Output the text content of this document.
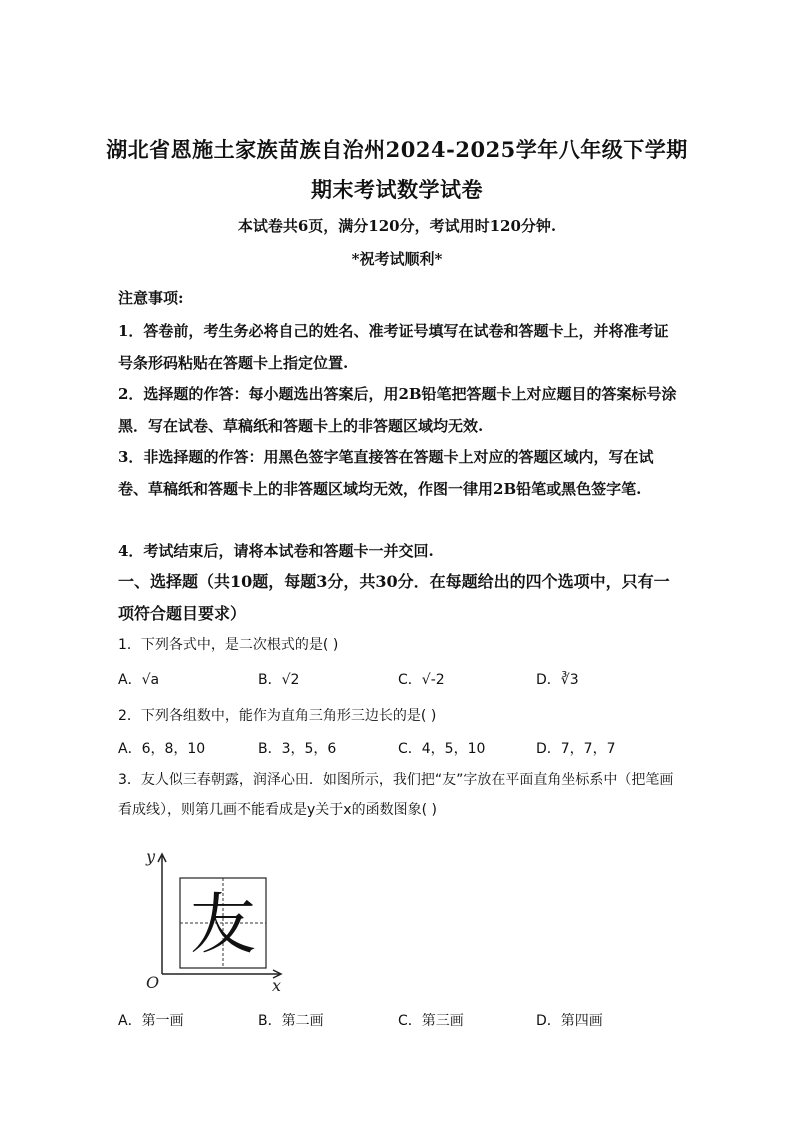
湖北省恩施土家族苗族自治州2024-2025学年八年级下学期
期末考试数学试卷
本试卷共6页，满分120分，考试用时120分钟.
*祝考试顺利*
注意事项:
1．答卷前，考生务必将自己的姓名、准考证号填写在试卷和答题卡上，并将准考证号条形码粘贴在答题卡上指定位置.
2．选择题的作答：每小题选出答案后，用2B铅笔把答题卡上对应题目的答案标号涂黑．写在试卷、草稿纸和答题卡上的非答题区域均无效.
3．非选择题的作答：用黑色签字笔直接答在答题卡上对应的答题区域内，写在试卷、草稿纸和答题卡上的非答题区域均无效，作图一律用2B铅笔或黑色签字笔.
4．考试结束后，请将本试卷和答题卡一并交回.
一、选择题（共10题，每题3分，共30分．在每题给出的四个选项中，只有一项符合题目要求）
1．下列各式中，是二次根式的是( )
A．√a	B．√2	C．√-2	D．∛3
2．下列各组数中，能作为直角三角形三边长的是( )
A．6，8，10	B．3，5，6	C．4，5，10	D．7，7，7
3．友人似三春朝露，润泽心田．如图所示，我们把“友”字放在平面直角坐标系中（把笔画看成线），则第几画不能看成是y关于x的函数图象( )
友
y
x
O
A．第一画	B．第二画	C．第三画	D．第四画
